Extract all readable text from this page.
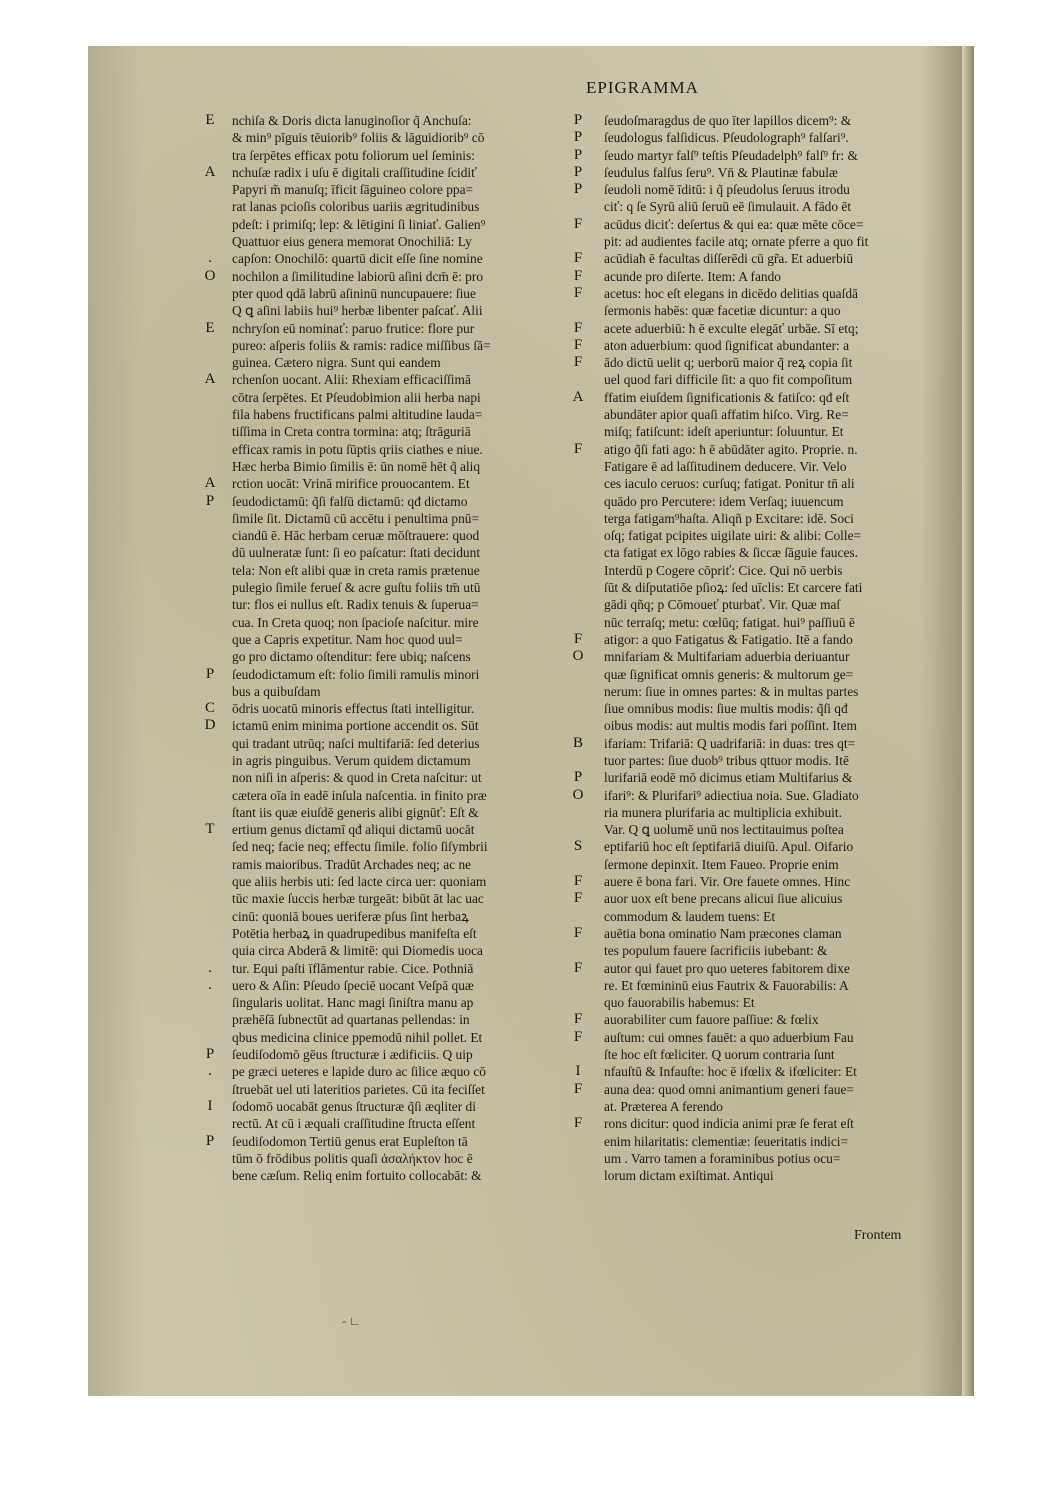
EPIGRAMMA
E	nchiſa & Doris dicta lanuginoſior q̃ Anchuſa:
& min⁹ pīguis tēuiorib⁹ foliis & lāguidiorib⁹ cō
tra ſerpētes efficax potu foliorum uel ſeminis:
A	nchuſæ radix i uſu ē digitali craſſitudine ſcidiť
Papyri m̃ manuſq; īficit ſāguineo colore ppa=
rat lanas pcioſis coloribus uariis ægritudinibus
pdeſt: i primiſq; lep: & lētigini ſi liniať. Galien⁹
Quattuor eius genera memorat Onochiliā: Ly
.	capſon: Onochilō: quartū dicit eſſe ſine nomine
O	nochilon a ſimilitudine labiorū aſini dcm̄ ē: pro
pter quod qdā labrū aſininū nuncupauere: ſiue
Q ꝗ aſini labiis hui⁹ herbæ libenter paſcať. Alii
E	nchryſon eū nominať: paruo frutice: flore pur
pureo: aſperis foliis & ramis: radice miſſibus ſā=
guinea. Cætero nigra. Sunt qui eandem
A	rchenſon uocant. Alii: Rhexiam efficaciſſimā
cōtra ſerpētes. Et Pſeudobimion alii herba napi
fila habens fructificans palmi altitudine lauda=
tiſſima in Creta contra tormina: atq; ſtrāguriā
efficax ramis in potu ſūptis qriis ciathes e niue.
Hæc herba Bimio ſimilis ē: ūn nomē hēt q̃ aliq
A	rction uocāt: Vrinā mirifice prouocantem. Et
P	ſeudodictamū: q̃ſi falſū dictamū: qđ dictamo
ſimile ſit. Dictamū cū accētu i penultima pnū=
ciandū ē. Hāc herbam ceruæ mōſtrauere: quod
dū uulneratæ ſunt: ſi eo paſcatur: ſtati decidunt
tela: Non eſt alibi quæ in creta ramis prætenue
pulegio ſimile ferueſ & acre guſtu foliis tm̄ utū
tur: flos ei nullus eſt. Radix tenuis & ſuperua=
cua. In Creta quoq; non ſpacioſe naſcitur. mire
que a Capris expetitur. Nam hoc quod uul=
go pro dictamo oſtenditur: fere ubiq; naſcens
P	ſeudodictamum eſt: folio ſimili ramulis minori
bus a quibuſdam
C	ōdris uocatū minoris effectus ſtati intelligitur.
D	ictamū enim minima portione accendit os. Sūt
qui tradant utrūq; naſci multifariā: ſed deterius
in agris pinguibus. Verum quidem dictamum
non niſi in aſperis: & quod in Creta naſcitur: ut
cætera oīa in eadē inſula naſcentia. in finito præ
ſtant iis quæ eiuſdē generis alibi gignūť: Eſt &
T	ertium genus dictamī qđ aliqui dictamū uocāt
ſed neq; facie neq; effectu ſimile. folio ſiſymbrii
ramis maioribus. Tradūt Archades neq; ac ne
que aliis herbis uti: ſed lacte circa uer: quoniam
tūc maxie ſuccis herbæ turgeāt: bibūt āt lac uac
cinū: quoniā boues ueriferæ pſus ſint herbaꝝ
Potētia herbaꝝ in quadrupedibus manifeſta eſt
quia circa Abderā & limitē: qui Diomedis uoca
.	tur. Equi paſti īflāmentur rabie. Cice. Pothniā
.	uero & Aſin: Pſeudo ſpeciē uocant Veſpā quæ
ſingularis uolitat. Hanc magi ſiniſtra manu ap
præhēſā ſubnectūt ad quartanas pellendas: in
qbus medicina clinice ppemodū nihil pollet. Et
P	ſeudiſodomō gēus ſtructuræ i ædificiis. Q uip
.	pe græci ueteres e lapide duro ac ſilice æquo cō
ſtruebāt uel uti lateritios parietes. Cū ita feciſſet
I	ſodomō uocabāt genus ſtructuræ q̃ſi æqliter di
rectū. At cū i æquali craſſitudine ſtructa eſſent
P	ſeudiſodomon Tertiū genus erat Eupleſton tā
tūm ō frōdibus politis quaſi ἀσαλήκτον hoc ē
bene cæſum. Reliq enim fortuito collocabāt: &
P	ſeudoſmaragdus de quo īter lapillos dicem⁹: &
P	ſeudologus falſidicus. Pſeudolograph⁹ falſari⁹.
P	ſeudo martyr falſ⁹ teſtis Pſeudadelph⁹ falſ⁹ fr: &
P	ſeudulus falſus ſeru⁹. Vn̄ & Plautinæ fabulæ
P	ſeudoli nomē īditū: i q̃ pſeudolus ſeruus itrodu
ciť: q ſe Syrū aliū ſeruū eē ſimulauit. A fādo ēt
F	acūdus diciť: deſertus & qui ea: quæ mēte cōce=
pit: ad audientes facile atq; ornate pferre a quo fit
F	acūdiaħ ē facultas diſſerēdi cū gr̃a. Et aduerbiū
F	acunde pro diſerte. Item: A fando
F	acetus: hoc eſt elegans in dicēdo delitias quaſdā
ſermonis habēs: quæ facetiæ dicuntur: a quo
F	acete aduerbiū: ħ ē exculte elegāť urbāe. Sī etq;
F	aton aduerbium: quod ſignificat abundanter: a
F	ādo dictū uelit q; uerborū maior q̃ reꝝ copia ſit
uel quod fari difficile ſit: a quo fit compoſitum
A	ffatim eiuſdem ſignificationis & fatiſco: qđ eſt
abundāter apior quaſi affatim hiſco. Virg. Re=
miſq; fatiſcunt: ideſt aperiuntur: ſoluuntur. Et
F	atigo q̃ſi fati ago: ħ ē abūdāter agito. Proprie. n.
Fatigare ē ad laſſitudinem deducere. Vir. Velo
ces iaculo ceruos: curſuq; fatigat. Ponitur tn̄ ali
quādo pro Percutere: idem Verſaq; iuuencum
terga fatigam⁹haſta. Aliqñ p Excitare: idē. Soci
oſq; fatigat pcipites uigilate uiri: & alibi: Colle=
cta fatigat ex lōgo rabies & ſiccæ ſāguie fauces.
Interdū p Cogere cōpriť: Cice. Qui nō uerbis
ſūt & diſputatiōe pſioꝝ: ſed uīclis: Et carcere fati
gādi qñq; p Cōmoueť pturbať. Vir. Quæ maſ
nūc terraſq; metu: cœlūq; fatigat. hui⁹ paſſiuū ē
F	atigor: a quo Fatigatus & Fatigatio. Itē a fando
O	mnifariam & Multifariam aduerbia deriuantur
quæ ſignificat omnis generis: & multorum ge=
nerum: ſiue in omnes partes: & in multas partes
ſiue omnibus modis: ſiue multis modis: q̃ſi qđ
oibus modis: aut multis modis fari poſſint. Item
B	ifariam: Trifariā: Q uadrifariā: in duas: tres qt=
tuor partes: ſiue duob⁹ tribus qttuor modis. Itē
P	lurifariā eodē mō dicimus etiam Multifarius &
O	ifari⁹: & Plurifari⁹ adiectiua noia. Sue. Gladiato
ria munera plurifaria ac multiplicia exhibuit.
Var. Q ꝗ uolumē unū nos lectitauimus poſtea
S	eptifariū hoc eſt ſeptifariā diuiſū. Apul. Oifario
ſermone depinxit. Item Faueo. Proprie enim
F	auere ē bona fari. Vir. Ore fauete omnes. Hinc
F	auor uox eſt bene precans alicui ſiue alicuius
commodum & laudem tuens: Et
F	auētia bona ominatio Nam præcones claman
tes populum fauere ſacrificiis iubebant: &
F	autor qui fauet pro quo ueteres fabitorem dixe
re. Et fœmininū eius Fautrix & Fauorabilis: A
quo fauorabilis habemus: Et
F	auorabiliter cum fauore paſſiue: & fœlix
F	auſtum: cui omnes fauēt: a quo aduerbium Fau
ſte hoc eſt fœliciter. Q uorum contraria ſunt
I	nfauſtū & Infauſte: hoc ē ifœlix & ifœliciter: Et
F	auna dea: quod omni animantium generi faue=
at. Præterea A ferendo
F	rons dicitur: quod indicia animi præ ſe ferat eſt
enim hilaritatis: clementiæ: ſeueritatis indici=
um . Varro tamen a foraminibus potius ocu=
lorum dictam exiſtimat. Antiqui
Frontem
- ∟
